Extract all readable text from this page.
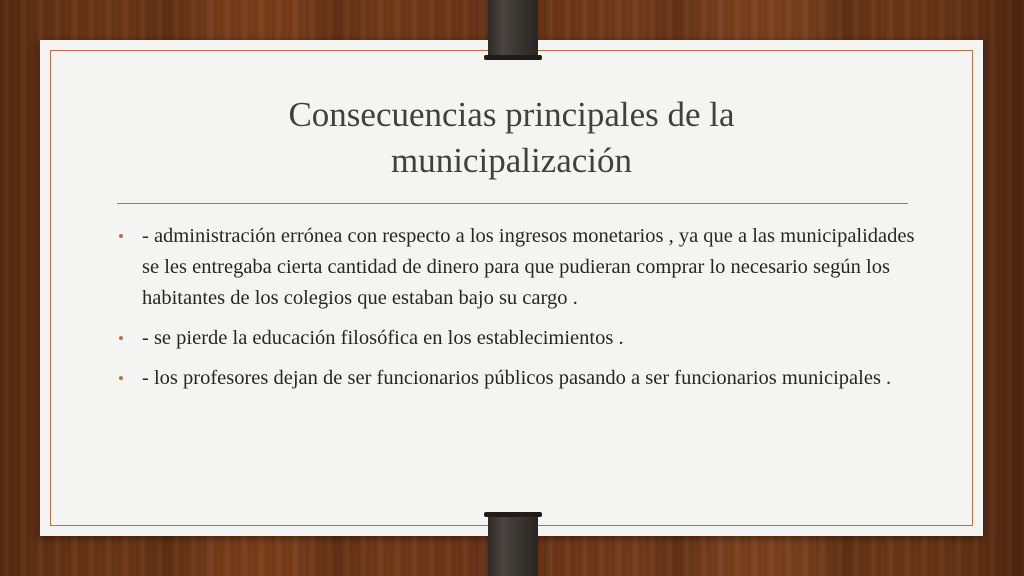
Consecuencias principales de la
municipalización
• - administración errónea con respecto a los ingresos monetarios , ya que a las municipalidades se les entregaba cierta cantidad de dinero para que pudieran comprar lo necesario según los habitantes de los colegios que estaban bajo su cargo .
• - se pierde la educación filosófica en los establecimientos .
• - los profesores dejan de ser funcionarios públicos pasando a ser funcionarios municipales .
